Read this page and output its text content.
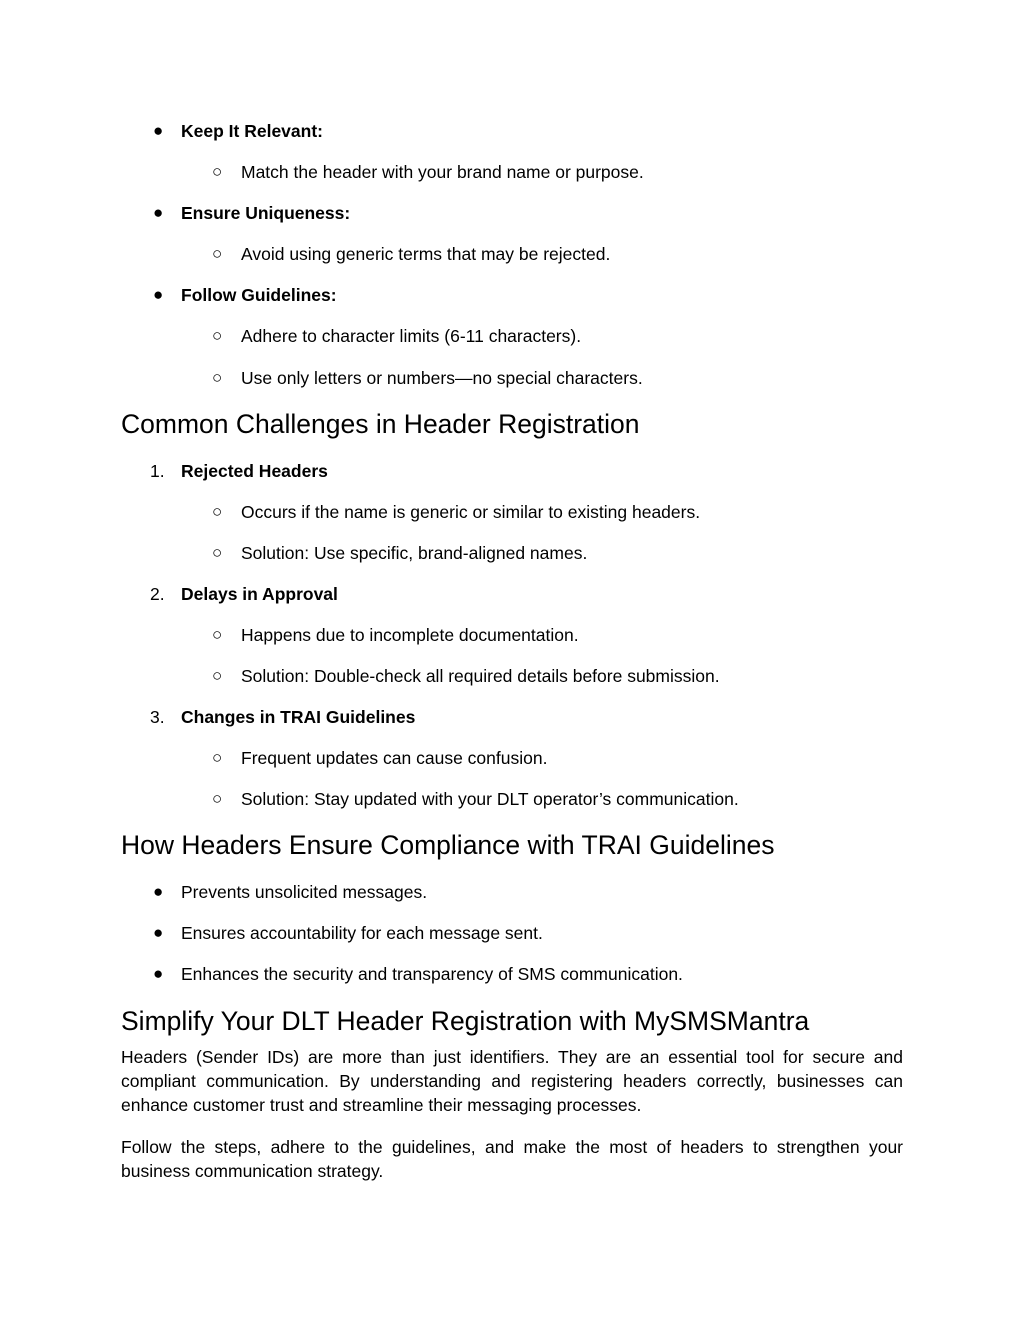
● Keep It Relevant:
○ Match the header with your brand name or purpose.
● Ensure Uniqueness:
○ Avoid using generic terms that may be rejected.
● Follow Guidelines:
○ Adhere to character limits (6-11 characters).
○ Use only letters or numbers—no special characters.
Common Challenges in Header Registration
1. Rejected Headers
○ Occurs if the name is generic or similar to existing headers.
○ Solution: Use specific, brand-aligned names.
2. Delays in Approval
○ Happens due to incomplete documentation.
○ Solution: Double-check all required details before submission.
3. Changes in TRAI Guidelines
○ Frequent updates can cause confusion.
○ Solution: Stay updated with your DLT operator’s communication.
How Headers Ensure Compliance with TRAI Guidelines
● Prevents unsolicited messages.
● Ensures accountability for each message sent.
● Enhances the security and transparency of SMS communication.
Simplify Your DLT Header Registration with MySMSMantra

Headers (Sender IDs) are more than just identifiers. They are an essential tool for secure and compliant communication. By understanding and registering headers correctly, businesses can enhance customer trust and streamline their messaging processes.

Follow the steps, adhere to the guidelines, and make the most of headers to strengthen your business communication strategy.
